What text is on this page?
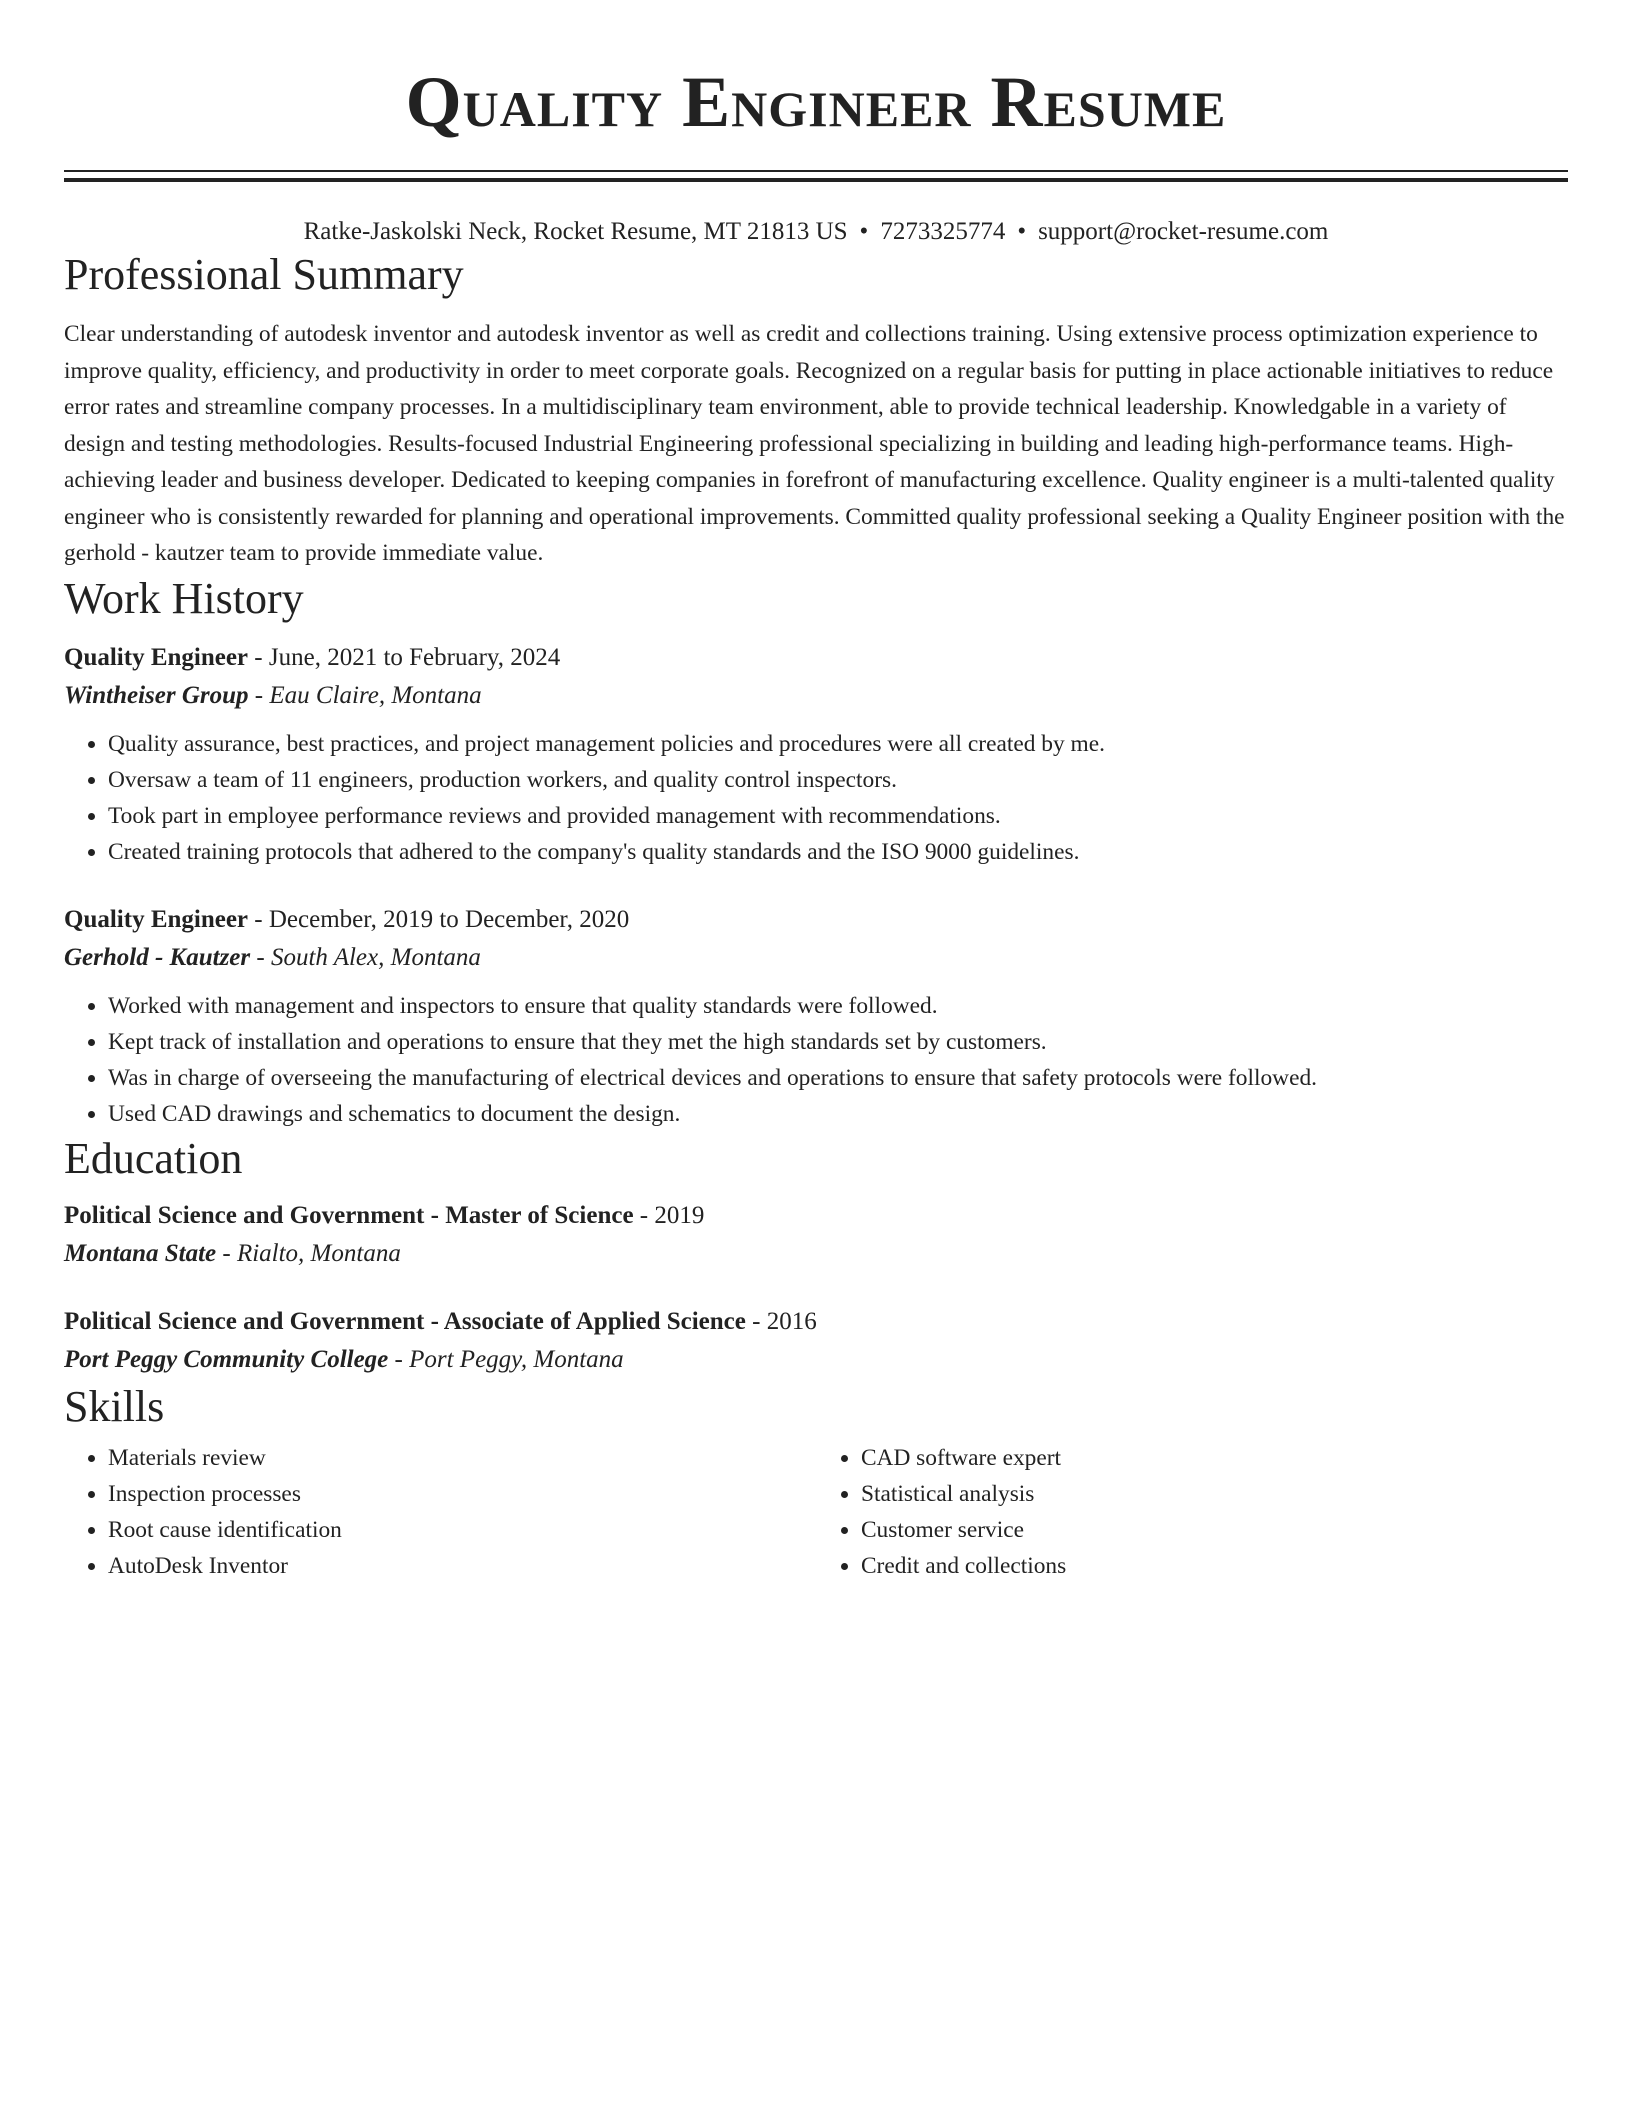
Quality Engineer Resume
Ratke-Jaskolski Neck, Rocket Resume, MT 21813 US • 7273325774 • support@rocket-resume.com
Professional Summary

Clear understanding of autodesk inventor and autodesk inventor as well as credit and collections training. Using extensive process optimization experience to improve quality, efficiency, and productivity in order to meet corporate goals. Recognized on a regular basis for putting in place actionable initiatives to reduce error rates and streamline company processes. In a multidisciplinary team environment, able to provide technical leadership. Knowledgable in a variety of design and testing methodologies. Results-focused Industrial Engineering professional specializing in building and leading high-performance teams. High-achieving leader and business developer. Dedicated to keeping companies in forefront of manufacturing excellence. Quality engineer is a multi-talented quality engineer who is consistently rewarded for planning and operational improvements. Committed quality professional seeking a Quality Engineer position with the gerhold - kautzer team to provide immediate value.

Work History
Quality Engineer - June, 2021 to February, 2024
Wintheiser Group - Eau Claire, Montana
• Quality assurance, best practices, and project management policies and procedures were all created by me.
• Oversaw a team of 11 engineers, production workers, and quality control inspectors.
• Took part in employee performance reviews and provided management with recommendations.
• Created training protocols that adhered to the company's quality standards and the ISO 9000 guidelines.
Quality Engineer - December, 2019 to December, 2020
Gerhold - Kautzer - South Alex, Montana
• Worked with management and inspectors to ensure that quality standards were followed.
• Kept track of installation and operations to ensure that they met the high standards set by customers.
• Was in charge of overseeing the manufacturing of electrical devices and operations to ensure that safety protocols were followed.
• Used CAD drawings and schematics to document the design.
Education
Political Science and Government - Master of Science - 2019
Montana State - Rialto, Montana
Political Science and Government - Associate of Applied Science - 2016
Port Peggy Community College - Port Peggy, Montana
Skills
• Materials review
• Inspection processes
• Root cause identification
• AutoDesk Inventor
• CAD software expert
• Statistical analysis
• Customer service
• Credit and collections
